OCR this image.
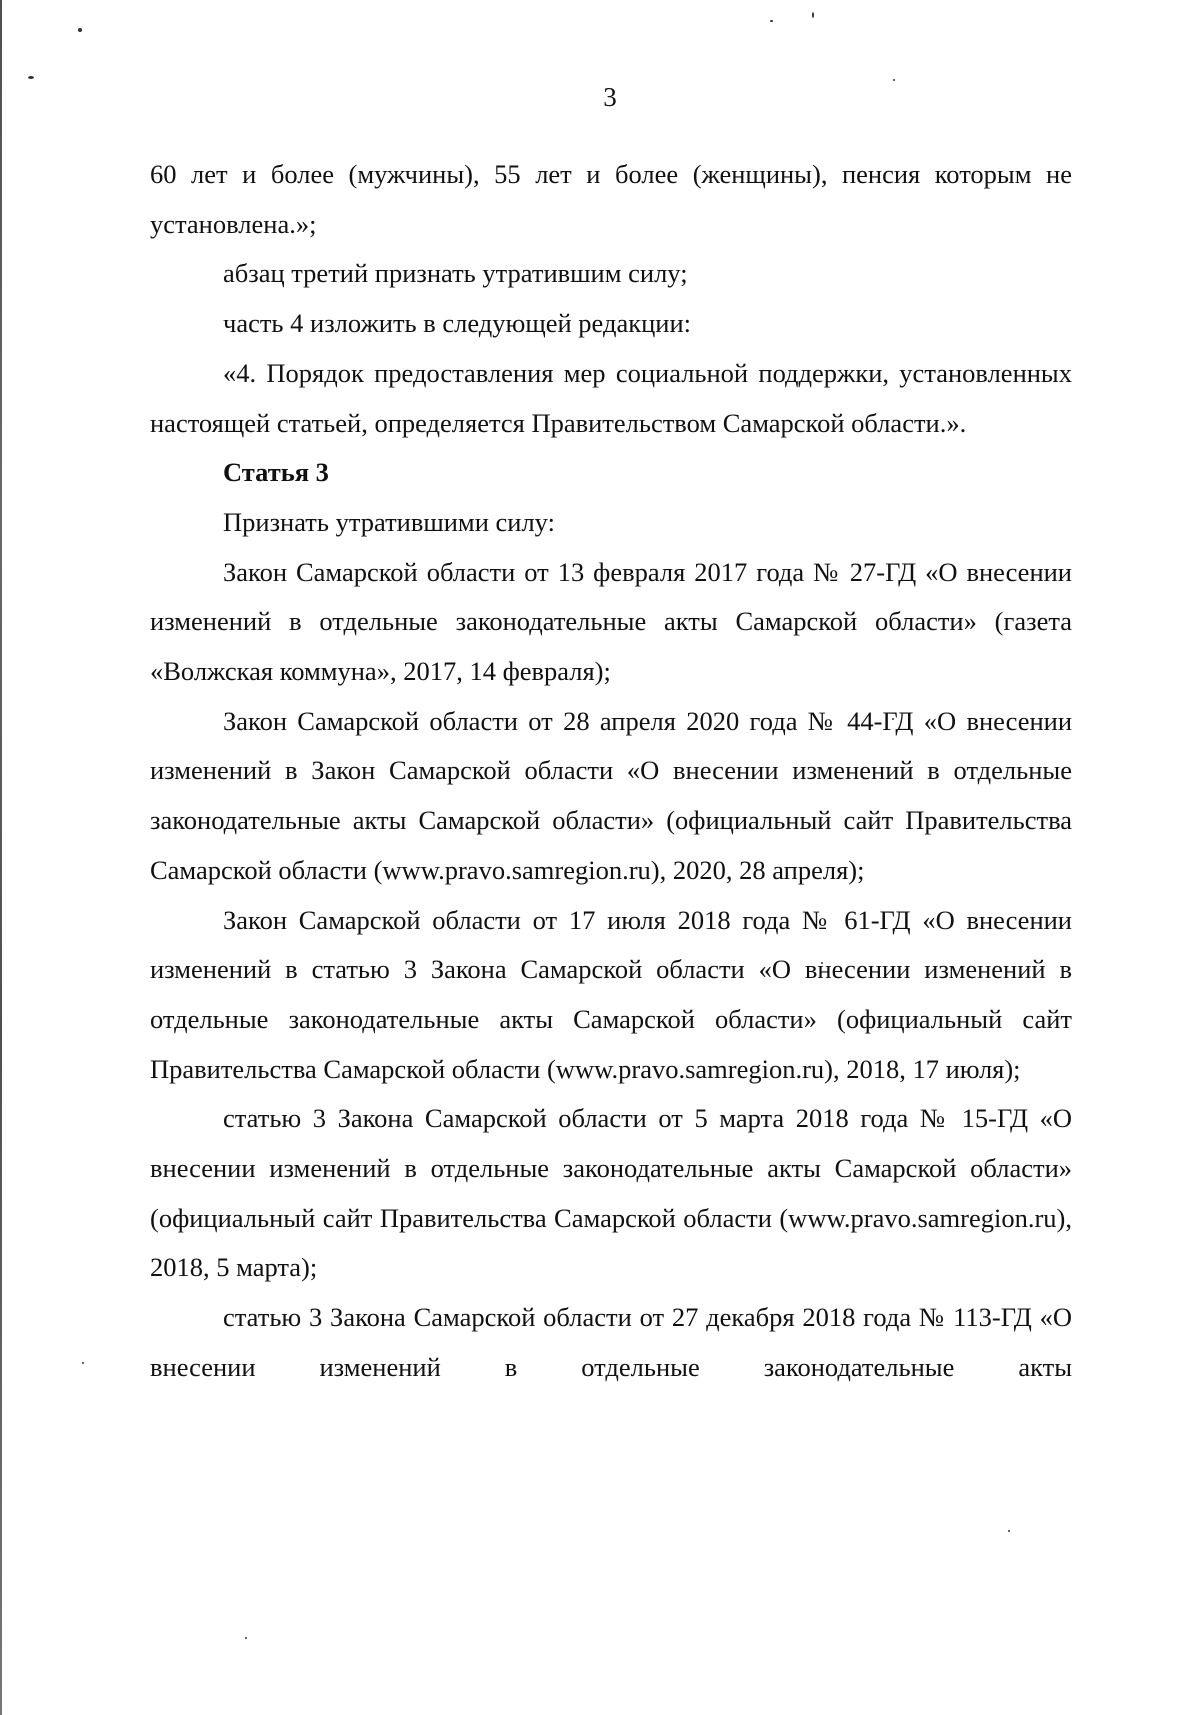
3

60 лет и более (мужчины), 55 лет и более (женщины), пенсия которым не установлена.»;

абзац третий признать утратившим силу;

часть 4 изложить в следующей редакции:

«4. Порядок предоставления мер социальной поддержки, установленных настоящей статьей, определяется Правительством Самарской области.».

Статья 3

Признать утратившими силу:

Закон Самарской области от 13 февраля 2017 года № 27-ГД «О внесении изменений в отдельные законодательные акты Самарской области» (газета «Волжская коммуна», 2017, 14 февраля);

Закон Самарской области от 28 апреля 2020 года № 44-ГД «О внесении изменений в Закон Самарской области «О внесении изменений в отдельные законодательные акты Самарской области» (официальный сайт Правительства Самарской области (www.pravo.samregion.ru), 2020, 28 апреля);

Закон Самарской области от 17 июля 2018 года № 61-ГД «О внесении изменений в статью 3 Закона Самарской области «О внесении изменений в отдельные законодательные акты Самарской области» (официальный сайт Правительства Самарской области (www.pravo.samregion.ru), 2018, 17 июля);

статью 3 Закона Самарской области от 5 марта 2018 года № 15-ГД «О внесении изменений в отдельные законодательные акты Самарской области» (официальный сайт Правительства Самарской области (www.pravo.samregion.ru), 2018, 5 марта);

статью 3 Закона Самарской области от 27 декабря 2018 года № 113-ГД «О внесении изменений в отдельные законодательные акты
